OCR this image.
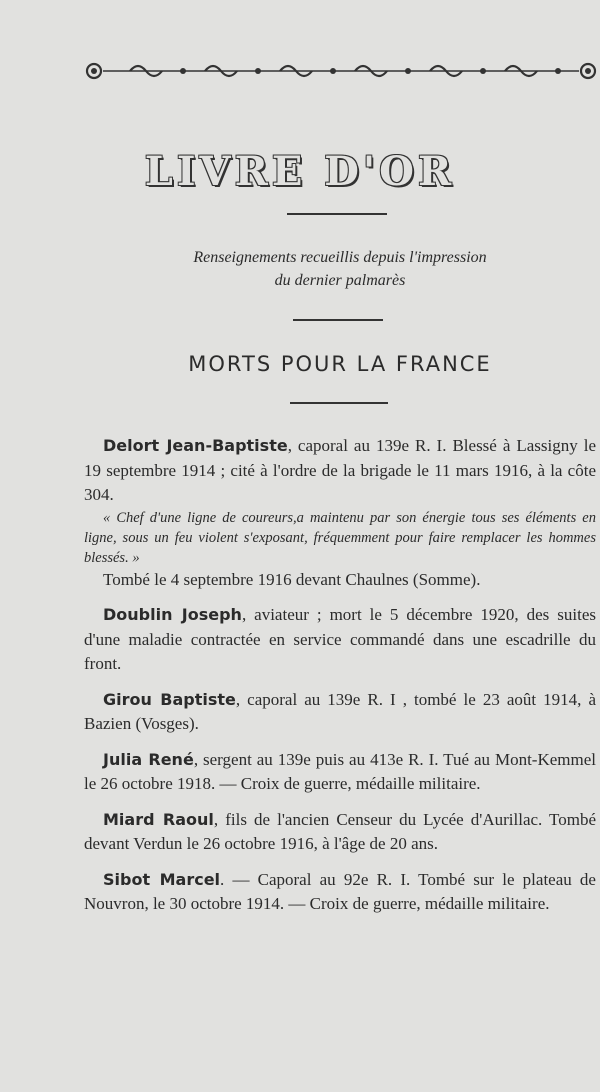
LIVRE D'OR
Renseignements recueillis depuis l'impression
du dernier palmarès
MORTS POUR LA FRANCE

Delort Jean-Baptiste, caporal au 139e R. I. Blessé à Lassigny le 19 septembre 1914 ; cité à l'ordre de la brigade le 11 mars 1916, à la côte 304.

« Chef d'une ligne de coureurs,a maintenu par son énergie tous ses éléments en ligne, sous un feu violent s'exposant, fréquemment pour faire remplacer les hommes blessés. »

Tombé le 4 septembre 1916 devant Chaulnes (Somme).

Doublin Joseph, aviateur ; mort le 5 décembre 1920, des suites d'une maladie contractée en service commandé dans une escadrille du front.

Girou Baptiste, caporal au 139e R. I , tombé le 23 août 1914, à Bazien (Vosges).

Julia René, sergent au 139e puis au 413e R. I. Tué au Mont-Kemmel le 26 octobre 1918. — Croix de guerre, médaille militaire.

Miard Raoul, fils de l'ancien Censeur du Lycée d'Aurillac. Tombé devant Verdun le 26 octobre 1916, à l'âge de 20 ans.

Sibot Marcel. — Caporal au 92e R. I. Tombé sur le plateau de Nouvron, le 30 octobre 1914. — Croix de guerre, médaille militaire.
